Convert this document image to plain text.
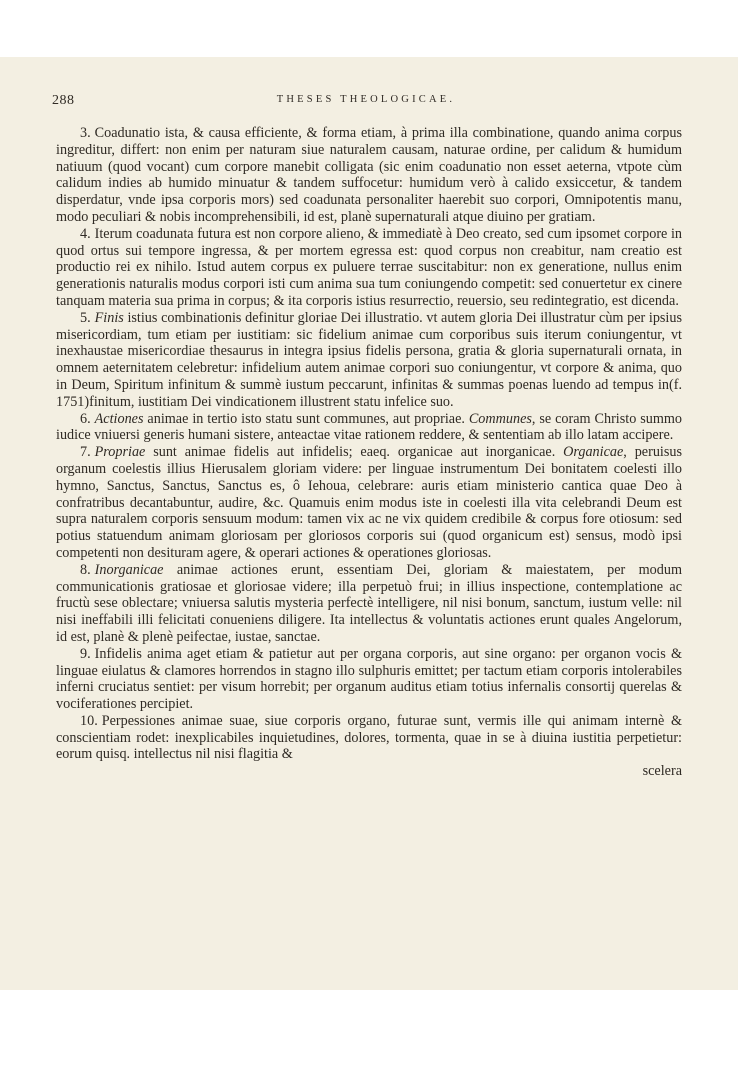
288	THESES THEOLOGICAE.

3. Coadunatio ista, & causa efficiente, & forma etiam, à prima illa combinatione, quando anima corpus ingreditur, differt: non enim per naturam siue naturalem causam, naturae ordine, per calidum & humidum natiuum (quod vocant) cum corpore manebit colligata (sic enim coadunatio non esset aeterna, vtpote cùm calidum indies ab humido minuatur & tandem suffocetur: humidum verò à calido exsiccetur, & tandem disperdatur, vnde ipsa corporis mors) sed coadunata personaliter haerebit suo corpori, Omnipotentis manu, modo peculiari & nobis incomprehensibili, id est, planè supernaturali atque diuino per gratiam.

4. Iterum coadunata futura est non corpore alieno, & immediatè à Deo creato, sed cum ipsomet corpore in quod ortus sui tempore ingressa, & per mortem egressa est: quod corpus non creabitur, nam creatio est productio rei ex nihilo. Istud autem corpus ex puluere terrae suscitabitur: non ex generatione, nullus enim generationis naturalis modus corpori isti cum anima sua tum coniungendo competit: sed conuertetur ex cinere tanquam materia sua prima in corpus; & ita corporis istius resurrectio, reuersio, seu redintegratio, est dicenda.

5. Finis istius combinationis definitur gloriae Dei illustratio. vt autem gloria Dei illustratur cùm per ipsius misericordiam, tum etiam per iustitiam: sic fidelium animae cum corporibus suis iterum coniungentur, vt inexhaustae misericordiae thesaurus in integra ipsius fidelis persona, gratia & gloria supernaturali ornata, in omnem aeternitatem celebretur: infidelium autem animae corpori suo coniungentur, vt corpore & anima, quo in Deum, Spiritum infinitum & summè iustum peccarunt, infinitas & summas poenas luendo ad tempus in(f. 1751)finitum, iustitiam Dei vindicationem illustrent statu infelice suo.

6. Actiones animae in tertio isto statu sunt communes, aut propriae. Communes, se coram Christo summo iudice vniuersi generis humani sistere, anteactae vitae rationem reddere, & sententiam ab illo latam accipere.

7. Propriae sunt animae fidelis aut infidelis; eaeq. organicae aut inorganicae. Organicae, peruisus organum coelestis illius Hierusalem gloriam videre: per linguae instrumentum Dei bonitatem coelesti illo hymno, Sanctus, Sanctus, Sanctus es, ô Iehoua, celebrare: auris etiam ministerio cantica quae Deo à confratribus decantabuntur, audire, &c. Quamuis enim modus iste in coelesti illa vita celebrandi Deum est supra naturalem corporis sensuum modum: tamen vix ac ne vix quidem credibile & corpus fore otiosum: sed potius statuendum animam gloriosam per gloriosos corporis sui (quod organicum est) sensus, modò ipsi competenti non desituram agere, & operari actiones & operationes gloriosas.

8. Inorganicae animae actiones erunt, essentiam Dei, gloriam & maiestatem, per modum communicationis gratiosae et gloriosae videre; illa perpetuò frui; in illius inspectione, contemplatione ac fructù sese oblectare; vniuersa salutis mysteria perfectè intelligere, nil nisi bonum, sanctum, iustum velle: nil nisi ineffabili illi felicitati conueniens diligere. Ita intellectus & voluntatis actiones erunt quales Angelorum, id est, planè & plenè peifectae, iustae, sanctae.

9. Infidelis anima aget etiam & patietur aut per organa corporis, aut sine organo: per organon vocis & linguae eiulatus & clamores horrendos in stagno illo sulphuris emittet; per tactum etiam corporis intolerabiles inferni cruciatus sentiet: per visum horrebit; per organum auditus etiam totius infernalis consortij querelas & vociferationes percipiet.

10. Perpessiones animae suae, siue corporis organo, futurae sunt, vermis ille qui animam internè & conscientiam rodet: inexplicabiles inquietudines, dolores, tormenta, quae in se à diuina iustitia perpetietur: eorum quisq. intellectus nil nisi flagitia &

scelera
